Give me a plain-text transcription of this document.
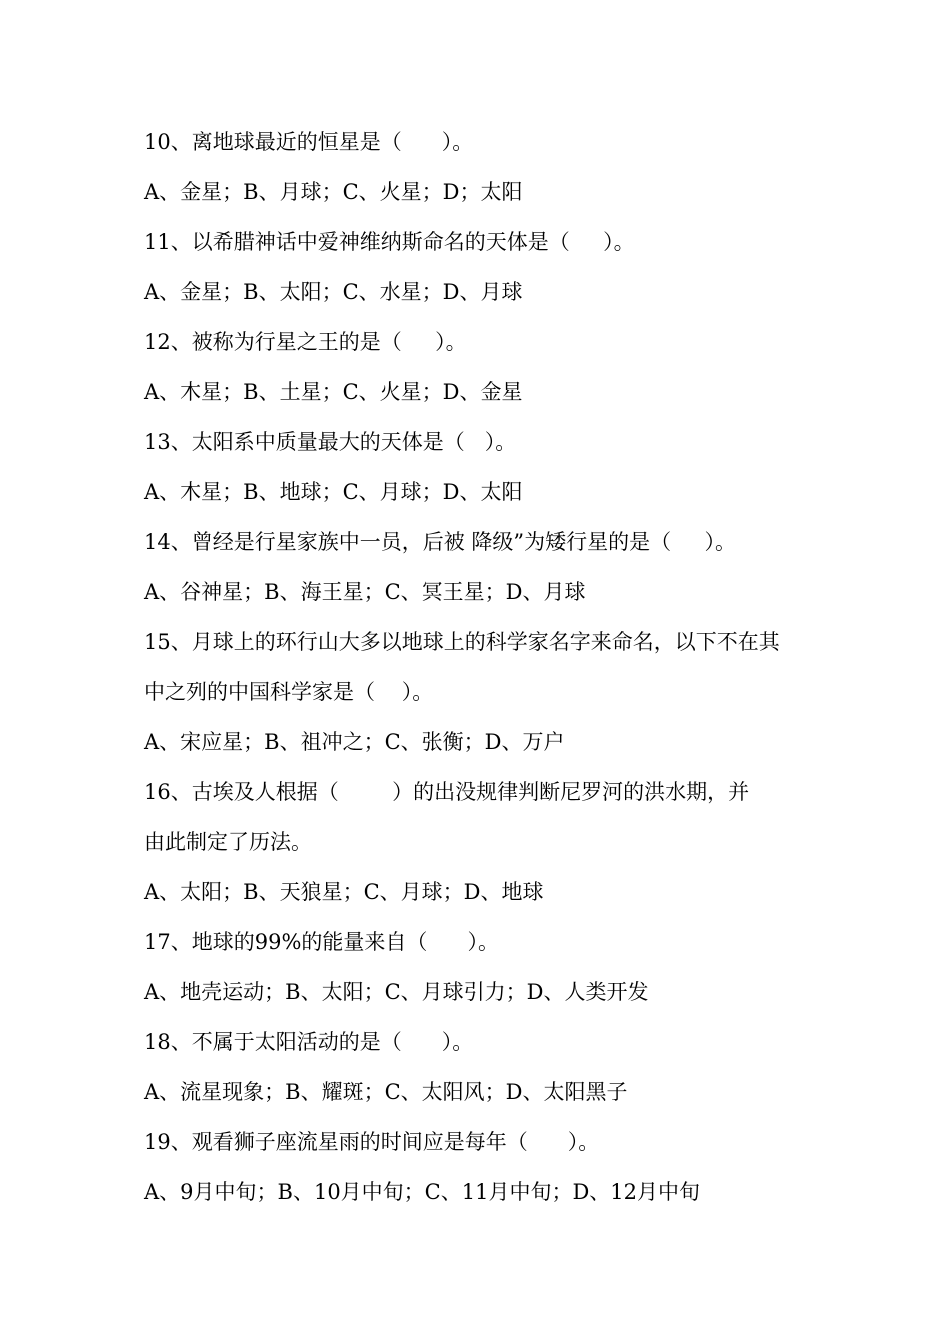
10、离地球最近的恒星是（      ）。

A、金星；B、月球；C、火星；D；太阳

11、以希腊神话中爱神维纳斯命名的天体是（     ）。

A、金星；B、太阳；C、水星；D、月球

12、被称为行星之王的是（     ）。

A、木星；B、土星；C、火星；D、金星

13、太阳系中质量最大的天体是（   ）。

A、木星；B、地球；C、月球；D、太阳

14、曾经是行星家族中一员，后被 降级”为矮行星的是（     ）。

A、谷神星；B、海王星；C、冥王星；D、月球

15、月球上的环行山大多以地球上的科学家名字来命名，以下不在其

中之列的中国科学家是（    ）。

A、宋应星；B、祖冲之；C、张衡；D、万户

16、古埃及人根据（        ）的出没规律判断尼罗河的洪水期，并

由此制定了历法。

A、太阳；B、天狼星；C、月球；D、地球

17、地球的99%的能量来自（      ）。

A、地壳运动；B、太阳；C、月球引力；D、人类开发

18、不属于太阳活动的是（      ）。

A、流星现象；B、耀斑；C、太阳风；D、太阳黑子

19、观看狮子座流星雨的时间应是每年（      ）。

A、9月中旬；B、10月中旬；C、11月中旬；D、12月中旬
